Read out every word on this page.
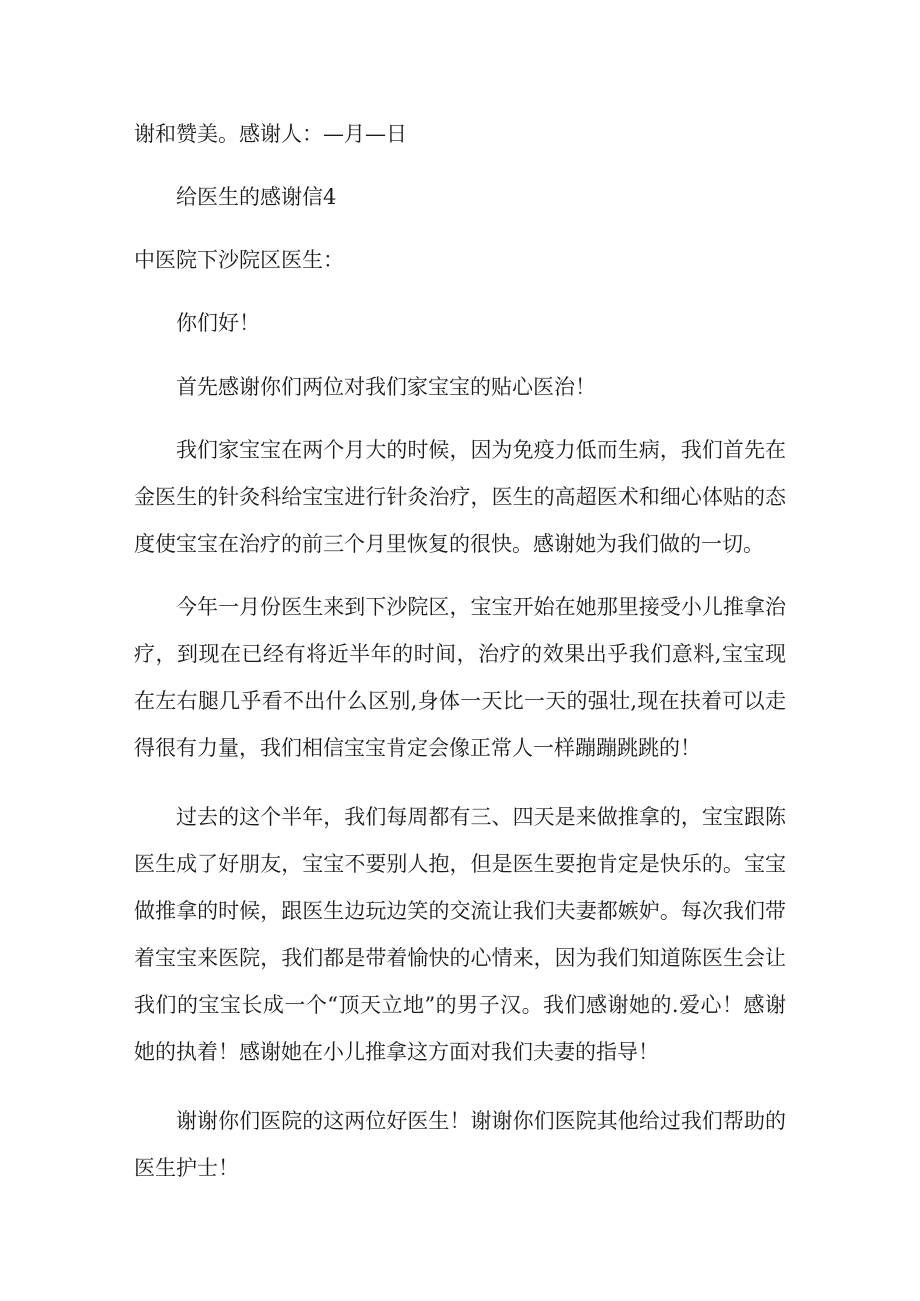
谢和赞美。感谢人：—月—日
给医生的感谢信4
中医院下沙院区医生：
你们好！

首先感谢你们两位对我们家宝宝的贴心医治！

我们家宝宝在两个月大的时候，因为免疫力低而生病，我们首先在金医生的针灸科给宝宝进行针灸治疗，医生的高超医术和细心体贴的态度使宝宝在治疗的前三个月里恢复的很快。感谢她为我们做的一切。

今年一月份医生来到下沙院区，宝宝开始在她那里接受小儿推拿治疗，到现在已经有将近半年的时间，治疗的效果出乎我们意料,宝宝现在左右腿几乎看不出什么区别,身体一天比一天的强壮,现在扶着可以走得很有力量，我们相信宝宝肯定会像正常人一样蹦蹦跳跳的！

过去的这个半年，我们每周都有三、四天是来做推拿的，宝宝跟陈医生成了好朋友，宝宝不要别人抱，但是医生要抱肯定是快乐的。宝宝做推拿的时候，跟医生边玩边笑的交流让我们夫妻都嫉妒。每次我们带着宝宝来医院，我们都是带着愉快的心情来，因为我们知道陈医生会让我们的宝宝长成一个“顶天立地”的男子汉。我们感谢她的.爱心！感谢她的执着！感谢她在小儿推拿这方面对我们夫妻的指导！

谢谢你们医院的这两位好医生！谢谢你们医院其他给过我们帮助的医生护士！
